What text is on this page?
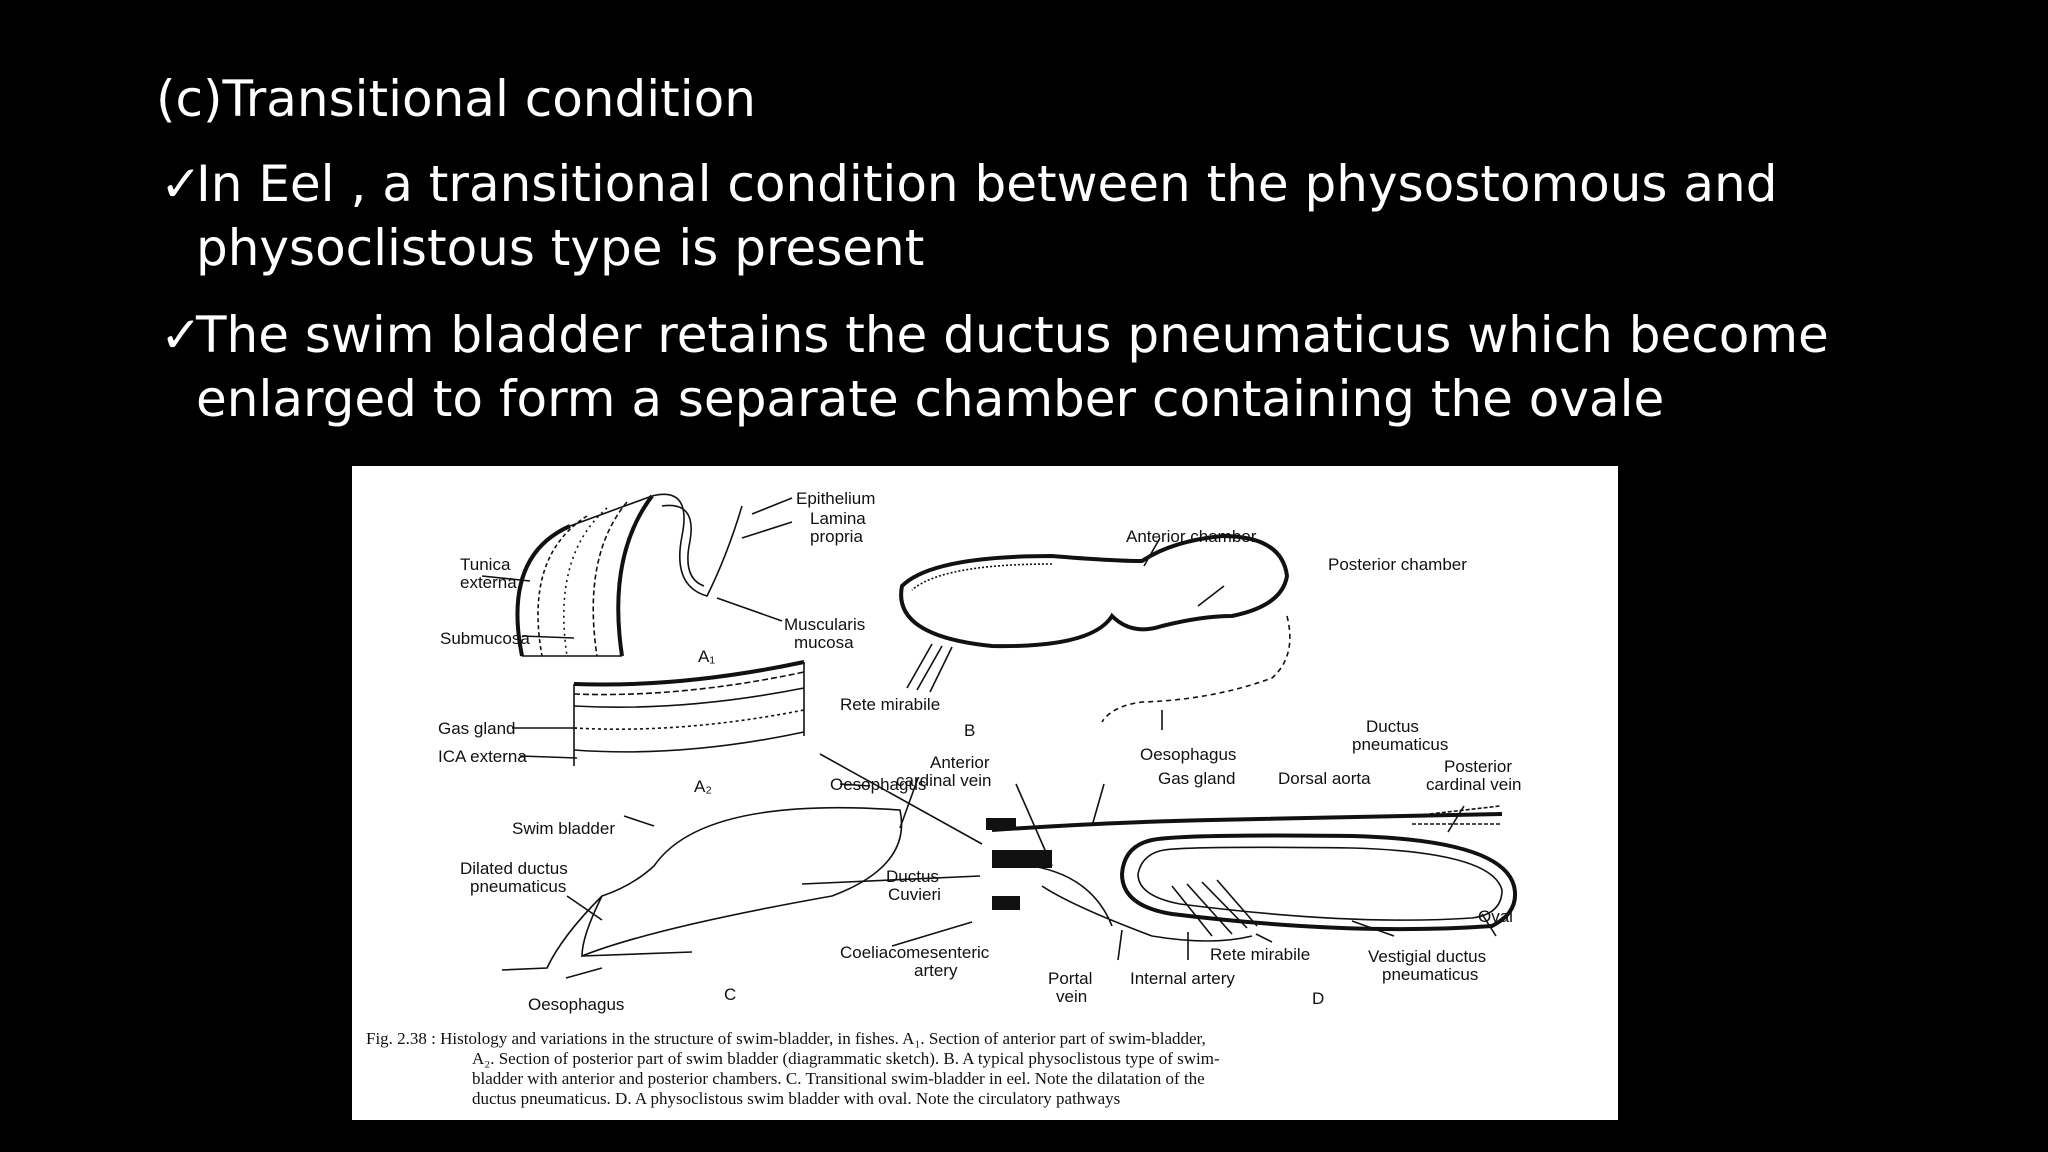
(c)Transitional condition
✓
In Eel , a transitional condition between the physostomous and
physoclistous type is present
✓
The swim bladder retains the ductus pneumaticus which become
enlarged to form a separate chamber containing the ovale
Epithelium
Lamina
propria
Tunica
externa
Submucosa
Muscularis
mucosa
A₁
Gas gland
ICA externa
A₂
Anterior chamber
Posterior chamber
Rete mirabile
B
Oesophagus
Ductus
pneumaticus
Swim bladder
Dilated ductus
pneumaticus
Oesophagus
C
Oesophagus
Anterior
cardinal vein	Gas gland	Dorsal aorta
Posterior
cardinal vein
Ductus
Cuvieri
Coeliacomesenteric
artery	Portal
vein
Rete mirabile
Internal artery
Oval
Vestigial ductus
pneumaticus
D
Fig. 2.38 : Histology and variations in the structure of swim-bladder, in fishes. A₁. Section of anterior part of swim-bladder,
A₂. Section of posterior part of swim bladder (diagrammatic sketch). B. A typical physoclistous type of swim-
bladder with anterior and posterior chambers. C. Transitional swim-bladder in eel. Note the dilatation of the
ductus pneumaticus. D. A physoclistous swim bladder with oval. Note the circulatory pathways
